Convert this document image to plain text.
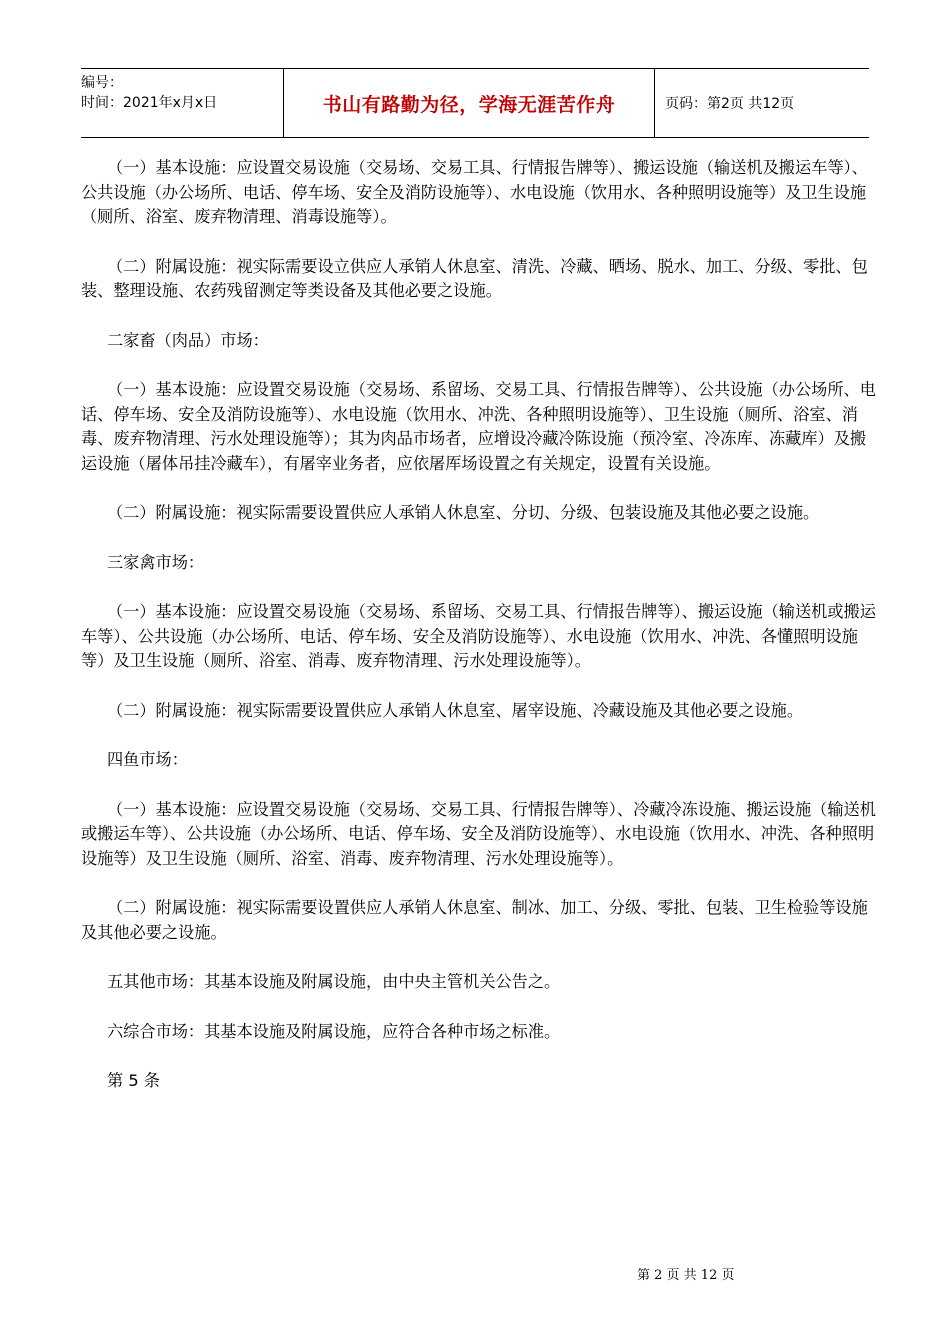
编号：
时间：2021年x月x日	书山有路勤为径，学海无涯苦作舟	页码：第2页 共12页

（一）基本设施：应设置交易设施（交易场、交易工具、行情报告牌等）、搬运设施（输送机及搬运车等）、公共设施（办公场所、电话、停车场、安全及消防设施等）、水电设施（饮用水、各种照明设施等）及卫生设施（厕所、浴室、废弃物清理、消毒设施等）。

（二）附属设施：视实际需要设立供应人承销人休息室、清洗、冷藏、晒场、脱水、加工、分级、零批、包装、整理设施、农药残留测定等类设备及其他必要之设施。

二家畜（肉品）市场：

（一）基本设施：应设置交易设施（交易场、系留场、交易工具、行情报告牌等）、公共设施（办公场所、电话、停车场、安全及消防设施等）、水电设施（饮用水、冲洗、各种照明设施等）、卫生设施（厕所、浴室、消毒、废弃物清理、污水处理设施等）；其为肉品市场者，应增设冷藏冷陈设施（预冷室、冷冻库、冻藏库）及搬运设施（屠体吊挂冷藏车），有屠宰业务者，应依屠厍场设置之有关规定，设置有关设施。

（二）附属设施：视实际需要设置供应人承销人休息室、分切、分级、包装设施及其他必要之设施。

三家禽市场：

（一）基本设施：应设置交易设施（交易场、系留场、交易工具、行情报告牌等）、搬运设施（输送机或搬运车等）、公共设施（办公场所、电话、停车场、安全及消防设施等）、水电设施（饮用水、冲洗、各懂照明设施等）及卫生设施（厕所、浴室、消毒、废弃物清理、污水处理设施等）。

（二）附属设施：视实际需要设置供应人承销人休息室、屠宰设施、冷藏设施及其他必要之设施。

四鱼市场：

（一）基本设施：应设置交易设施（交易场、交易工具、行情报告牌等）、冷藏冷冻设施、搬运设施（输送机或搬运车等）、公共设施（办公场所、电话、停车场、安全及消防设施等）、水电设施（饮用水、冲洗、各种照明设施等）及卫生设施（厕所、浴室、消毒、废弃物清理、污水处理设施等）。

（二）附属设施：视实际需要设置供应人承销人休息室、制冰、加工、分级、零批、包装、卫生检验等设施及其他必要之设施。

五其他市场：其基本设施及附属设施，由中央主管机关公告之。

六综合市场：其基本设施及附属设施，应符合各种市场之标准。

第 5 条

第 2 页 共 12 页
